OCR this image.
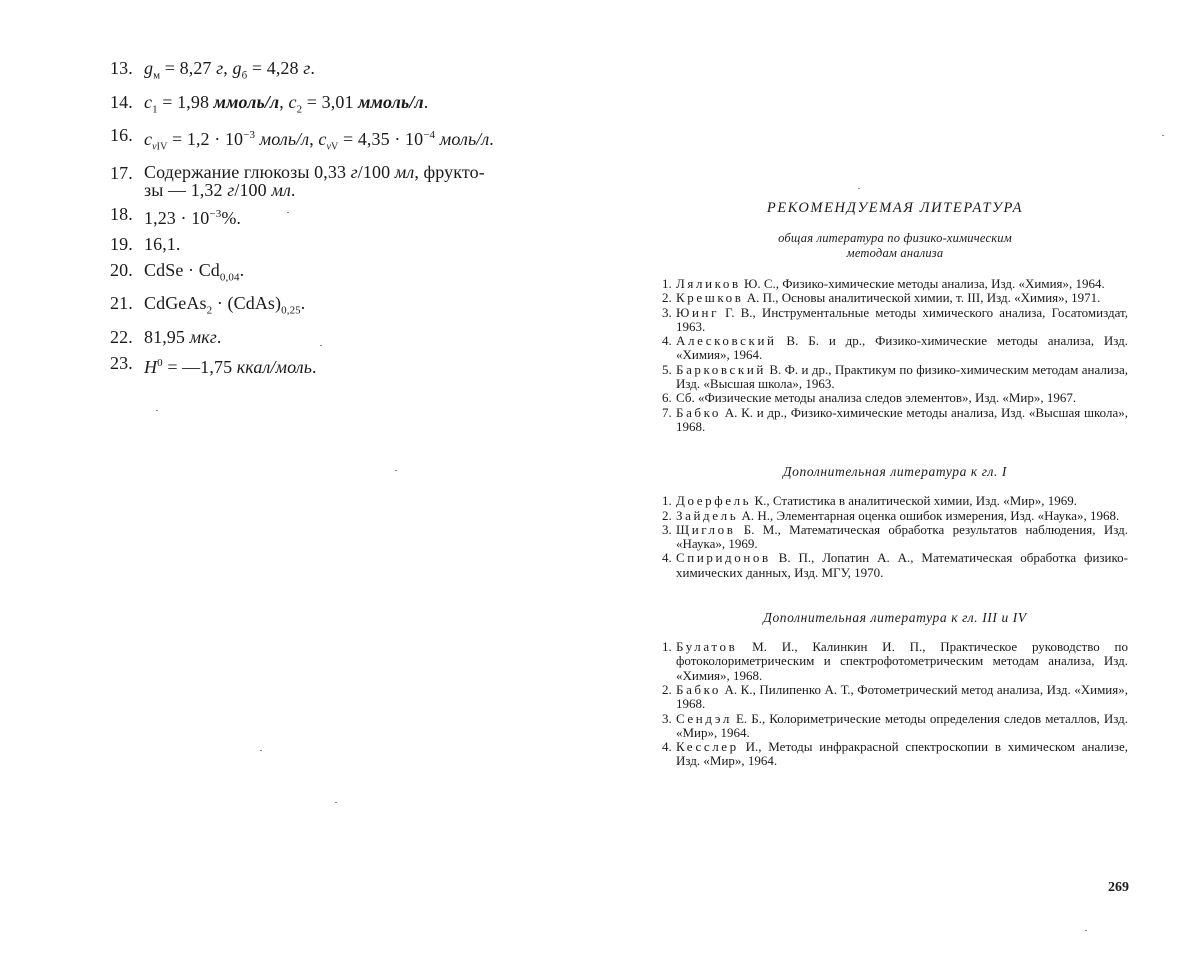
13. $g_м = 8,27$ г, $g_б = 4,28$ г.
14. $c_1 = 1,98$ ммоль/л, $c_2 = 3,01$ ммоль/л.
16. $c_{vIV} = 1,2 \cdot 10^{-3}$ моль/л, $c_{vV} = 4,35 \cdot 10^{-4}$ моль/л.
17. Содержание глюкозы 0,33 г/100 мл, фрукто-
зы — 1,32 г/100 мл.
18. $1,23 \cdot 10^{-3}\%$.
19. 16,1.
20. CdSe · $Cd_{0,04}$.
21. CdGeAs$_2$ · $(CdAs)_{0,25}$.
22. 81,95 мкг.
23. $H^0$ = —1,75 ккал/моль.
РЕКОМЕНДУЕМАЯ ЛИТЕРАТУРА
общая литература по физико-химическим
методам анализа
1. Ляликов Ю. С., Физико-химические методы анализа, Изд. «Химия», 1964.
2. Крешков А. П., Основы аналитической химии, т. III, Изд. «Химия», 1971.
3. Юинг Г. В., Инструментальные методы химического анализа, Госатомиздат, 1963.
4. Алесковский В. Б. и др., Физико-химические методы анализа, Изд. «Химия», 1964.
5. Барковский В. Ф. и др., Практикум по физико-химическим методам анализа, Изд. «Высшая школа», 1963.
6. Сб. «Физические методы анализа следов элементов», Изд. «Мир», 1967.
7. Бабко А. К. и др., Физико-химические методы анализа, Изд. «Высшая школа», 1968.
Дополнительная литература к гл. I
1. Доерфель К., Статистика в аналитической химии, Изд. «Мир», 1969.
2. Зайдель А. Н., Элементарная оценка ошибок измерения, Изд. «Наука», 1968.
3. Щиглов Б. М., Математическая обработка результатов наблюдения, Изд. «Наука», 1969.
4. Спиридонов В. П., Лопатин А. А., Математическая обработка физико-химических данных, Изд. МГУ, 1970.
Дополнительная литература к гл. III и IV
1. Булатов М. И., Калинкин И. П., Практическое руководство по фотоколориметрическим и спектрофотометрическим методам анализа, Изд. «Химия», 1968.
2. Бабко А. К., Пилипенко А. Т., Фотометрический метод анализа, Изд. «Химия», 1968.
3. Сендэл Е. Б., Колориметрические методы определения следов металлов, Изд. «Мир», 1964.
4. Кесслер И., Методы инфракрасной спектроскопии в химическом анализе, Изд. «Мир», 1964.
269
